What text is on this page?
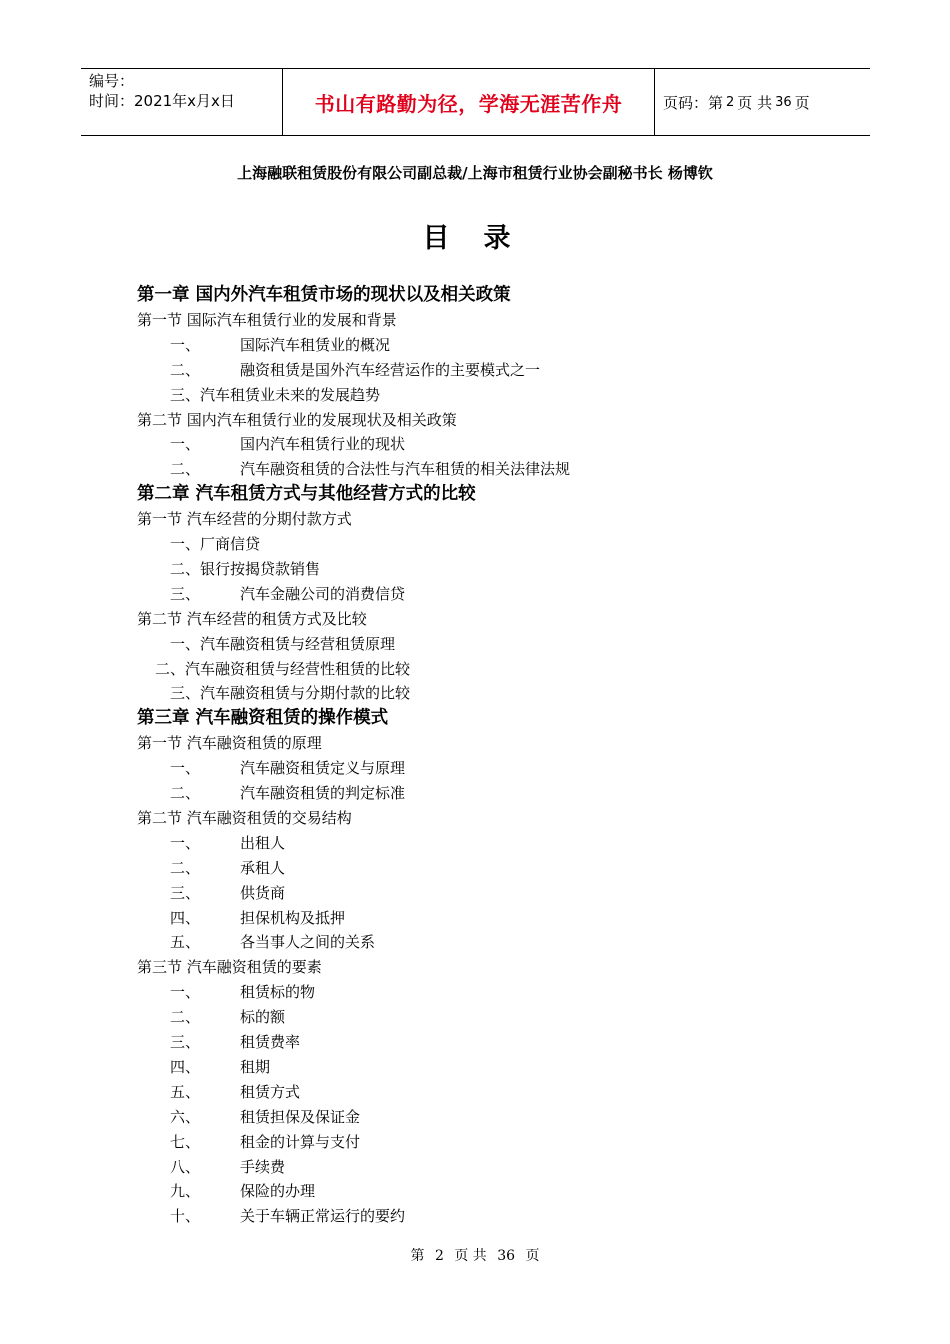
编号：
时间：2021年x月x日	书山有路勤为径，学海无涯苦作舟	页码：第 2 页 共 36 页
上海融联租赁股份有限公司副总裁/上海市租赁行业协会副秘书长 杨博钦
目录
第一章 国内外汽车租赁市场的现状以及相关政策
第一节 国际汽车租赁行业的发展和背景
一、	国际汽车租赁业的概况
二、	融资租赁是国外汽车经营运作的主要模式之一
三、汽车租赁业未来的发展趋势
第二节 国内汽车租赁行业的发展现状及相关政策
一、	国内汽车租赁行业的现状
二、	汽车融资租赁的合法性与汽车租赁的相关法律法规
第二章 汽车租赁方式与其他经营方式的比较
第一节 汽车经营的分期付款方式
一、厂商信贷
二、银行按揭贷款销售
三、	汽车金融公司的消费信贷
第二节 汽车经营的租赁方式及比较
一、汽车融资租赁与经营租赁原理
二、汽车融资租赁与经营性租赁的比较
三、汽车融资租赁与分期付款的比较
第三章 汽车融资租赁的操作模式
第一节 汽车融资租赁的原理
一、	汽车融资租赁定义与原理
二、	汽车融资租赁的判定标准
第二节 汽车融资租赁的交易结构
一、	出租人
二、	承租人
三、	供货商
四、	担保机构及抵押
五、	各当事人之间的关系
第三节 汽车融资租赁的要素
一、	租赁标的物
二、	标的额
三、	租赁费率
四、	租期
五、	租赁方式
六、	租赁担保及保证金
七、	租金的计算与支付
八、	手续费
九、	保险的办理
十、	关于车辆正常运行的要约
第 2 页 共 36 页
